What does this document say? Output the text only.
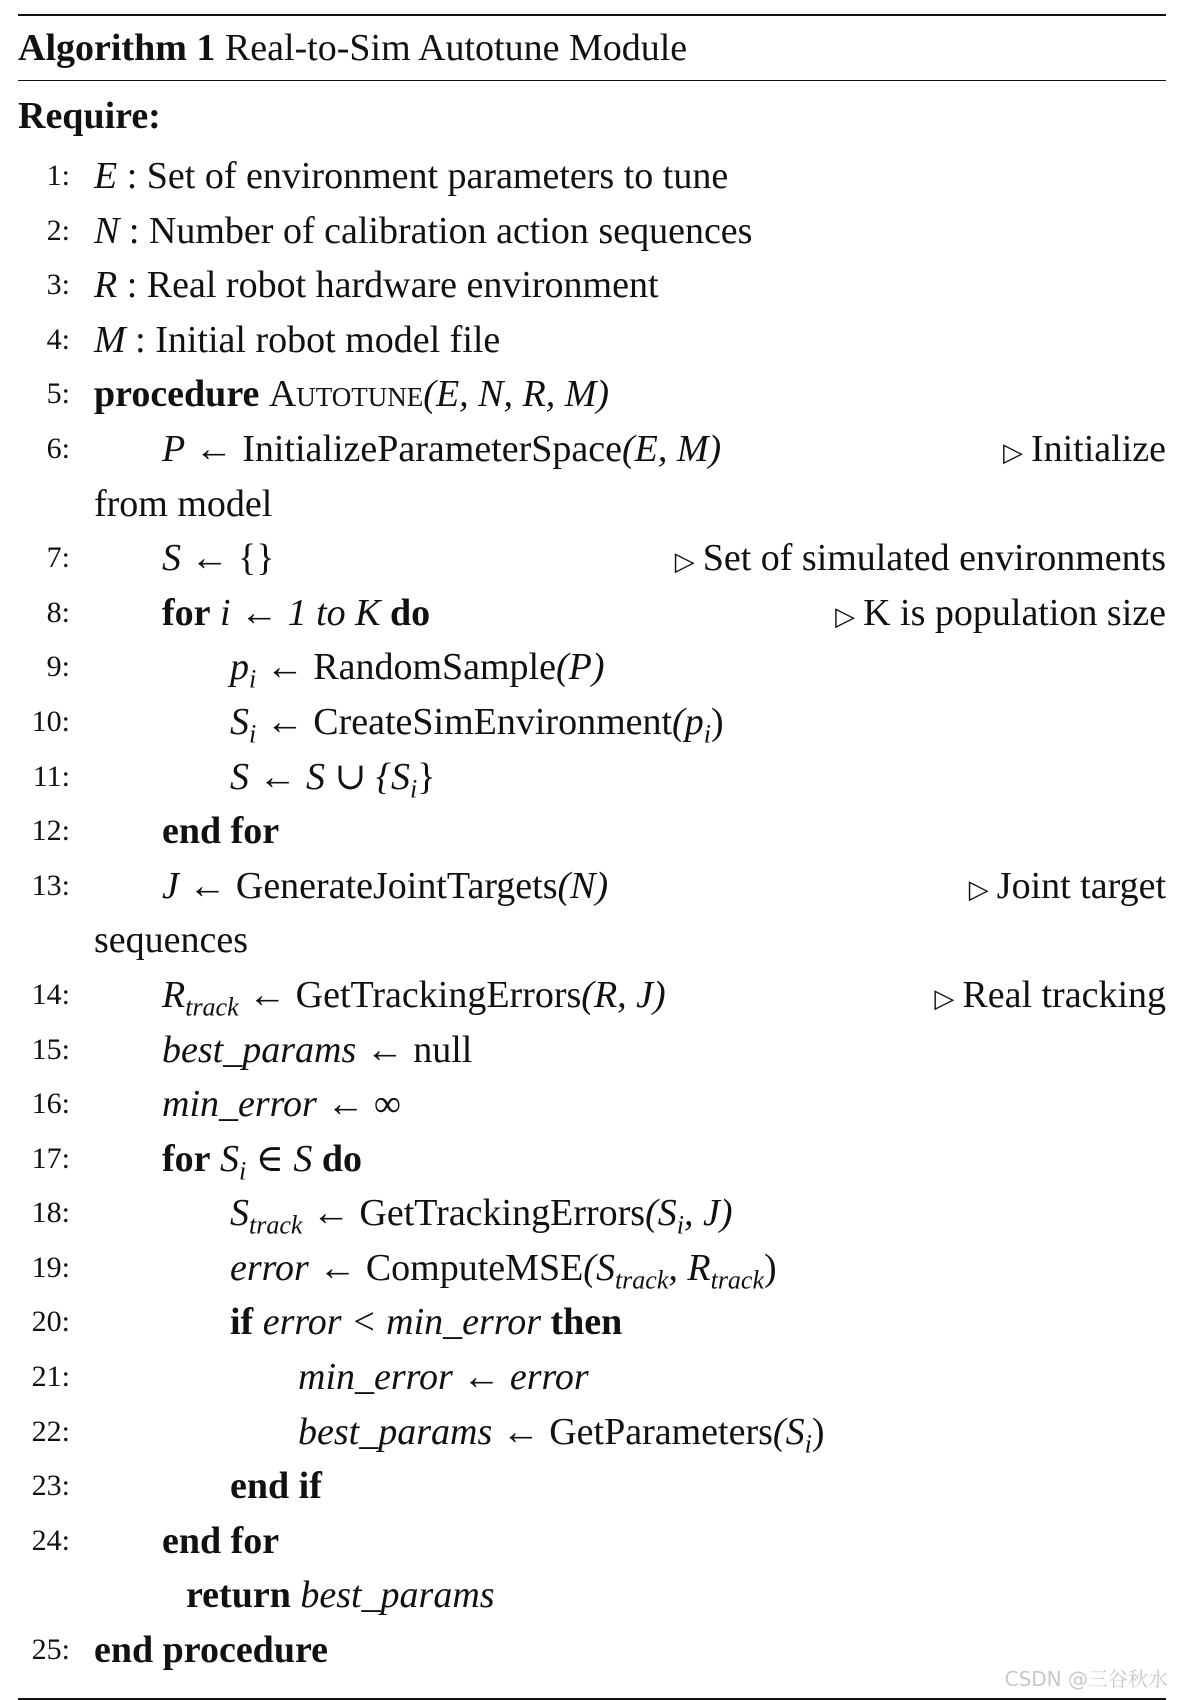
Algorithm 1 Real-to-Sim Autotune Module
Require:
1: E : Set of environment parameters to tune
2: N : Number of calibration action sequences
3: R : Real robot hardware environment
4: M : Initial robot model file
5: procedure Autotune(E, N, R, M)
6: P ← InitializeParameterSpace(E, M)	▷ Initialize
from model
7: S ← {}	▷ Set of simulated environments
8: for i ← 1 to K do	▷ K is population size
9:	$p_i$ ← RandomSample(P)
10:	$S_i$ ← $CreateSimEnvironment(p_i)$
11:	S ← S ∪ $\{S_i\}$
12: end for
13: J ← GenerateJointTargets(N)	▷ Joint target
sequences
14: $R_{track}$ ← GetTrackingErrors(R, J)	▷ Real tracking
15: best_params ← null
16: min_error ← ∞
17: for $S_i$ ∈ S do
18:	$S_{track}$ ← $GetTrackingErrors(S_i$, J)
19:	error ← $ComputeMSE(S_{track}$, $R_{track}$)
20:	if error < min_error then
21:	min_error ← error
22:	best_params ← $GetParameters(S_i)$
23:	end if
24: end for
return best_params
25: end procedure
CSDN @三谷秋水
